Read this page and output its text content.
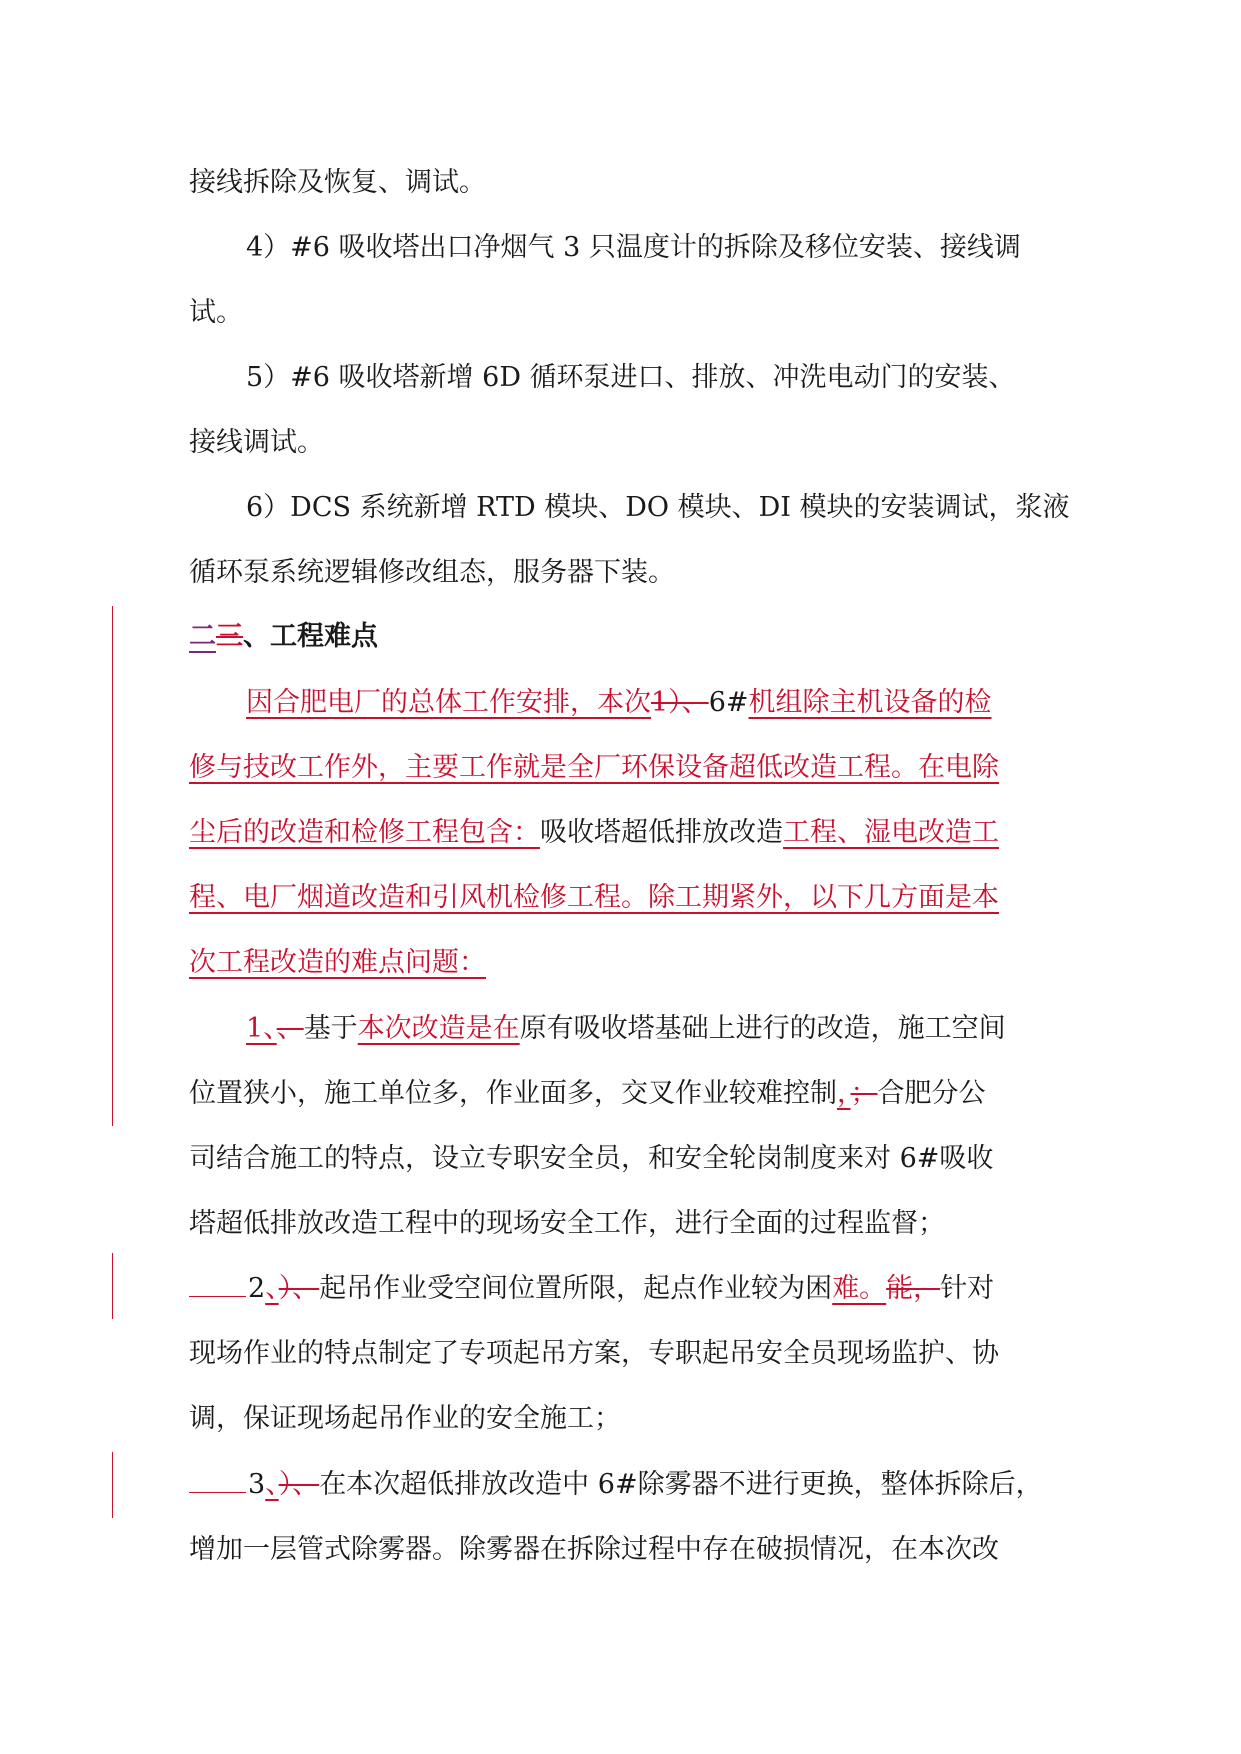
接线拆除及恢复、调试。

4）#6 吸收塔出口净烟气 3 只温度计的拆除及移位安装、接线调

试。

5）#6 吸收塔新增 6D 循环泵进口、排放、冲洗电动门的安装、

接线调试。

6）DCS 系统新增 RTD 模块、DO 模块、DI 模块的安装调试，浆液

循环泵系统逻辑修改组态，服务器下装。

二三、工程难点

因合肥电厂的总体工作安排，本次1）、6#机组除主机设备的检

修与技改工作外，主要工作就是全厂环保设备超低改造工程。在电除

尘后的改造和检修工程包含：吸收塔超低排放改造工程、湿电改造工

程、电厂烟道改造和引风机检修工程。除工期紧外，以下几方面是本

次工程改造的难点问题：

1、、基于本次改造是在原有吸收塔基础上进行的改造，施工空间

位置狭小，施工单位多，作业面多，交叉作业较难控制，；合肥分公

司结合施工的特点，设立专职安全员，和安全轮岗制度来对 6#吸收

塔超低排放改造工程中的现场安全工作，进行全面的过程监督；

2、）、起吊作业受空间位置所限，起点作业较为困难。能，针对

现场作业的特点制定了专项起吊方案，专职起吊安全员现场监护、协

调，保证现场起吊作业的安全施工；

3、）、在本次超低排放改造中 6#除雾器不进行更换，整体拆除后，

增加一层管式除雾器。除雾器在拆除过程中存在破损情况，在本次改
